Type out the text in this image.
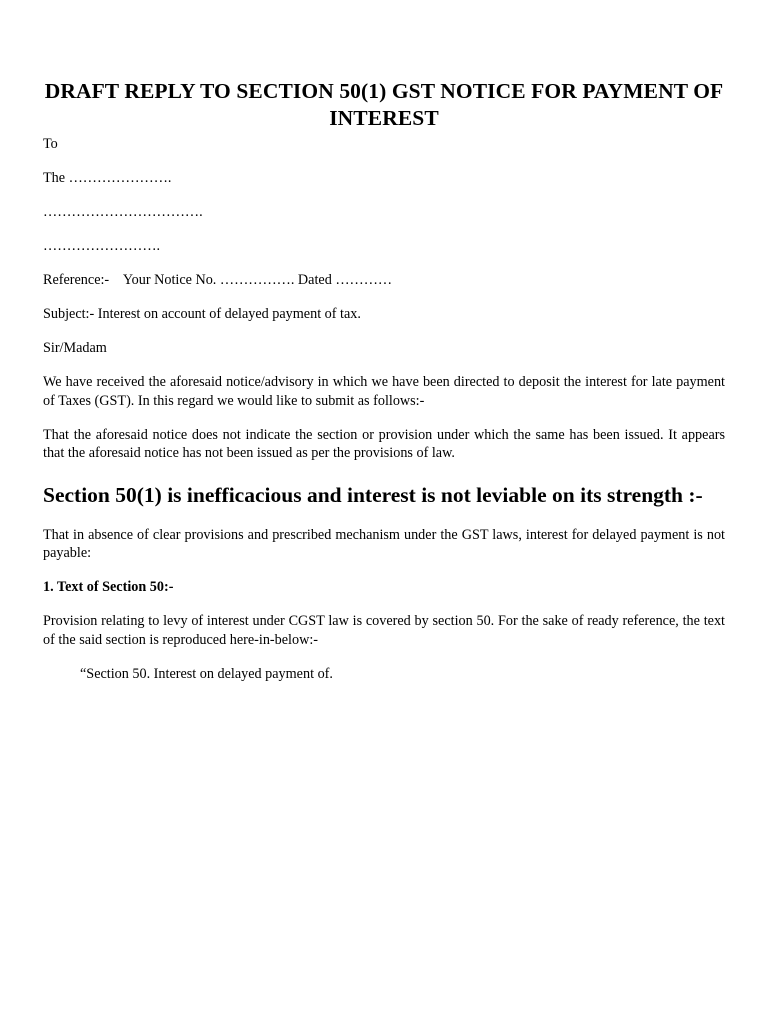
DRAFT REPLY TO SECTION 50(1) GST NOTICE FOR PAYMENT OF INTEREST

To

The ………………….

…………………………….

…………………….

Reference:-    Your Notice No. ……………. Dated …………

Subject:- Interest on account of delayed payment of tax.

Sir/Madam

We have received the aforesaid notice/advisory in which we have been directed to deposit the interest for late payment of Taxes (GST). In this regard we would like to submit as follows:-

That the aforesaid notice does not indicate the section or provision under which the same has been issued. It appears that the aforesaid notice has not been issued as per the provisions of law.

Section 50(1) is inefficacious and interest is not leviable on its strength :-

That in absence of clear provisions and prescribed mechanism under the GST laws, interest for delayed payment is not payable:

1. Text of Section 50:-

Provision relating to levy of interest under CGST law is covered by section 50. For the sake of ready reference, the text of the said section is reproduced here-in-below:-

“Section 50. Interest on delayed payment of.
